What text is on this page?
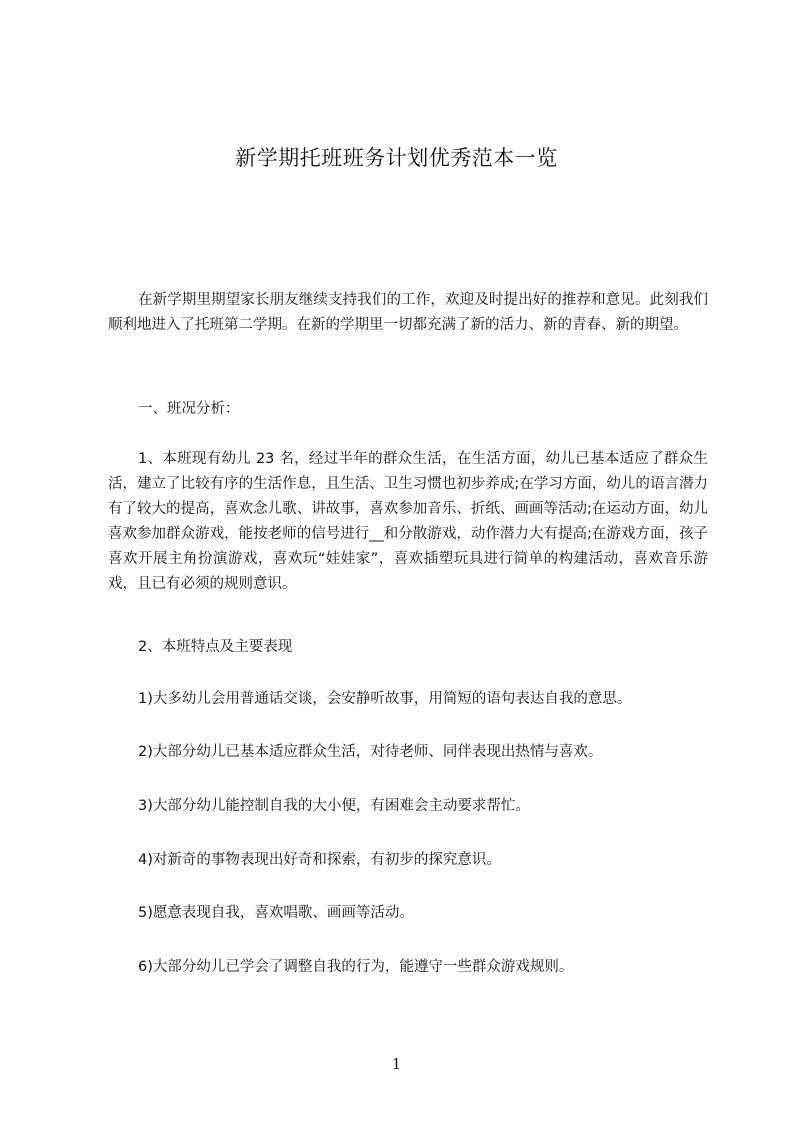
新学期托班班务计划优秀范本一览
在新学期里期望家长朋友继续支持我们的工作，欢迎及时提出好的推荐和意见。此刻我们顺利地进入了托班第二学期。在新的学期里一切都充满了新的活力、新的青春、新的期望。
一、班况分析：
1、本班现有幼儿 23 名，经过半年的群众生活，在生活方面，幼儿已基本适应了群众生活，建立了比较有序的生活作息，且生活、卫生习惯也初步养成;在学习方面，幼儿的语言潜力有了较大的提高，喜欢念儿歌、讲故事，喜欢参加音乐、折纸、画画等活动;在运动方面，幼儿喜欢参加群众游戏，能按老师的信号进行__和分散游戏，动作潜力大有提高;在游戏方面，孩子喜欢开展主角扮演游戏，喜欢玩“娃娃家”，喜欢插塑玩具进行简单的构建活动，喜欢音乐游戏，且已有必须的规则意识。
2、本班特点及主要表现
1)大多幼儿会用普通话交谈，会安静听故事，用简短的语句表达自我的意思。
2)大部分幼儿已基本适应群众生活，对待老师、同伴表现出热情与喜欢。
3)大部分幼儿能控制自我的大小便，有困难会主动要求帮忙。
4)对新奇的事物表现出好奇和探索，有初步的探究意识。
5)愿意表现自我，喜欢唱歌、画画等活动。
6)大部分幼儿已学会了调整自我的行为，能遵守一些群众游戏规则。
1
